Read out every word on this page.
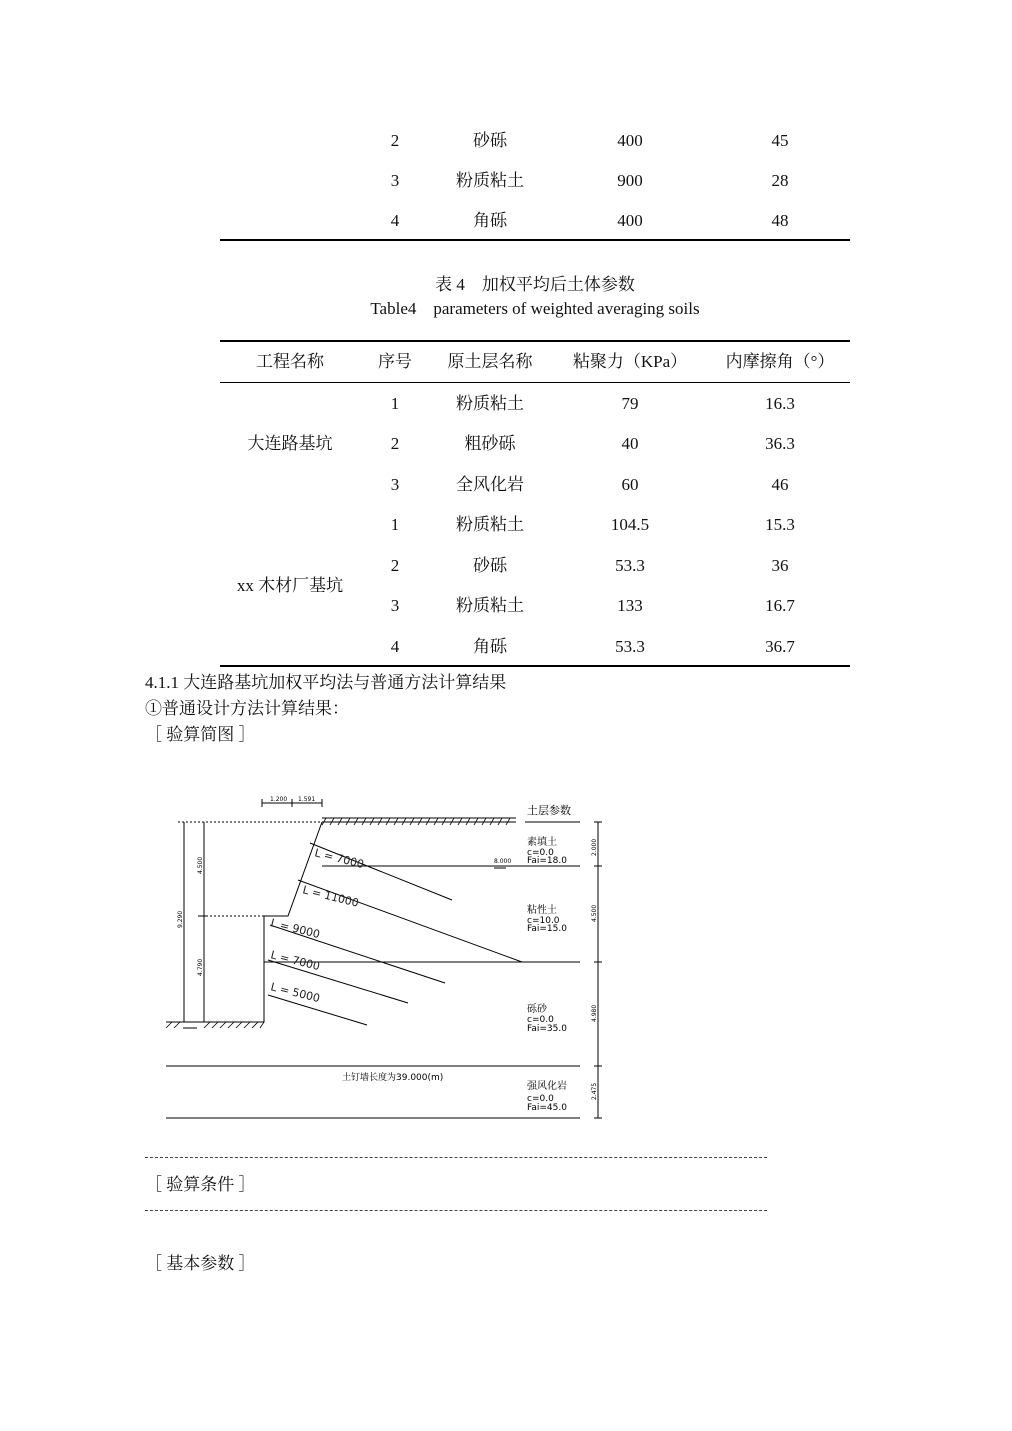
2	砂砾	400	45
3	粉质粘土	900	28
4	角砾	400	48
表 4　加权平均后土体参数
Table4　parameters of weighted averaging soils
工程名称	序号	原土层名称	粘聚力（KPa）	内摩擦角（°）
大连路基坑
1	粉质粘土	79	16.3
2	粗砂砾	40	36.3
3	全风化岩	60	46
xx 木材厂基坑
1	粉质粘土	104.5	15.3
2	砂砾	53.3	36
3	粉质粘土	133	16.7
4	角砾	53.3	36.7
4.1.1 大连路基坑加权平均法与普通方法计算结果
①普通设计方法计算结果：
［ 验算简图 ］
1.200 1.591
4.500
9.290
4.790
2.000
4.500
4.980
2.475
8.000
L = 7000
L = 11000
L = 9000
L = 7000
L = 5000
土层参数
素填土
c=0.0
Fai=18.0
粘性土
c=10.0
Fai=15.0
砾砂
c=0.0
Fai=35.0
强风化岩
c=0.0
Fai=45.0
土钉墙长度为39.000(m)
［ 验算条件 ］
［ 基本参数 ］
